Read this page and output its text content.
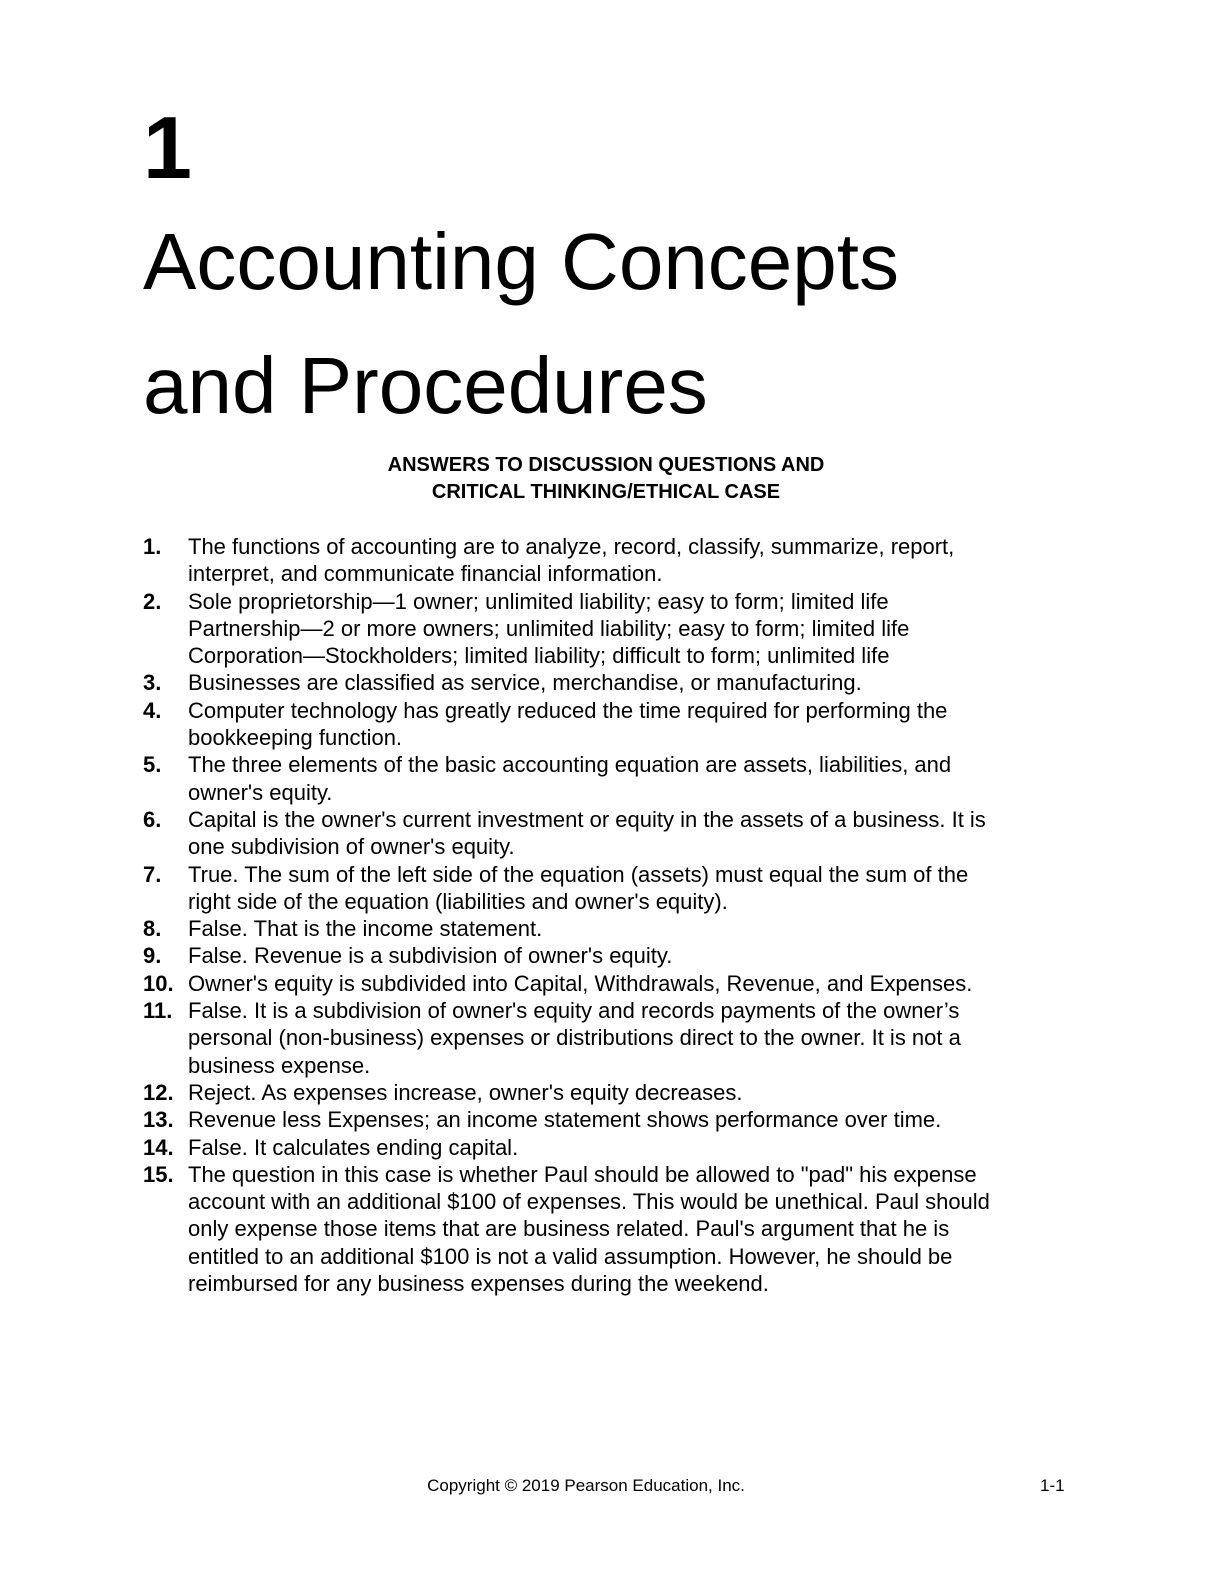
1
Accounting Concepts
and Procedures
ANSWERS TO DISCUSSION QUESTIONS AND
CRITICAL THINKING/ETHICAL CASE
1.	The functions of accounting are to analyze, record, classify, summarize, report,
interpret, and communicate financial information.
2.	Sole proprietorship—1 owner; unlimited liability; easy to form; limited life
Partnership—2 or more owners; unlimited liability; easy to form; limited life
Corporation—Stockholders; limited liability; difficult to form; unlimited life
3.	Businesses are classified as service, merchandise, or manufacturing.
4.	Computer technology has greatly reduced the time required for performing the
bookkeeping function.
5.	The three elements of the basic accounting equation are assets, liabilities, and
owner's equity.
6.	Capital is the owner's current investment or equity in the assets of a business. It is
one subdivision of owner's equity.
7.	True. The sum of the left side of the equation (assets) must equal the sum of the
right side of the equation (liabilities and owner's equity).
8.	False. That is the income statement.
9.	False. Revenue is a subdivision of owner's equity.
10. Owner's equity is subdivided into Capital, Withdrawals, Revenue, and Expenses.
11. False. It is a subdivision of owner's equity and records payments of the owner’s
personal (non-business) expenses or distributions direct to the owner. It is not a
business expense.
12. Reject. As expenses increase, owner's equity decreases.
13. Revenue less Expenses; an income statement shows performance over time.
14. False. It calculates ending capital.
15. The question in this case is whether Paul should be allowed to "pad" his expense
account with an additional $100 of expenses. This would be unethical. Paul should
only expense those items that are business related. Paul's argument that he is
entitled to an additional $100 is not a valid assumption. However, he should be
reimbursed for any business expenses during the weekend.
Copyright © 2019 Pearson Education, Inc.	1-1
